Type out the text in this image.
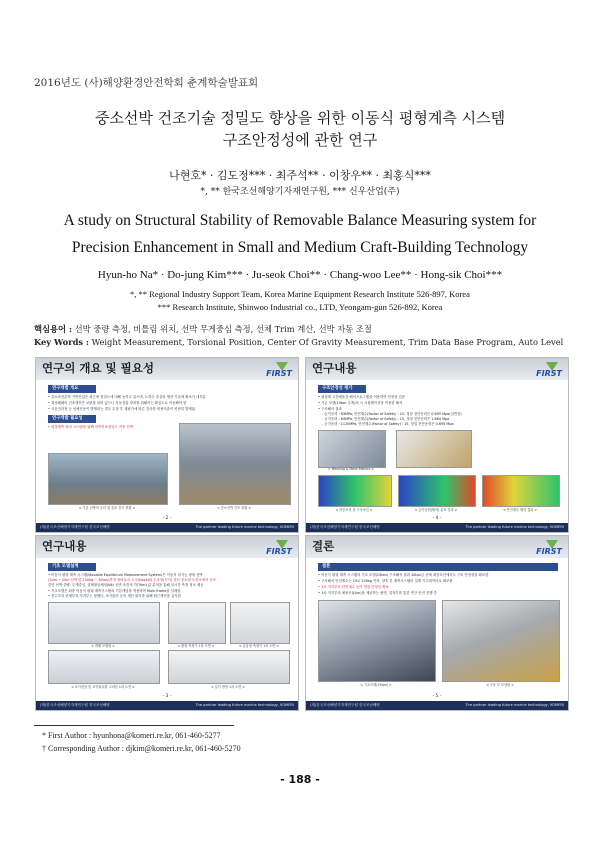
2016년도 (사)해양환경안전학회 춘계학술발표회
중소선박 건조기술 정밀도 향상을 위한 이동식 평형계측 시스템
구조안정성에 관한 연구
나현호* · 김도정*** · 최주석** · 이창우** · 최홍식***
*, ** 한국조선해양기자재연구원, *** 신우산업(주)
A study on Structural Stability of Removable Balance Measuring system for
Precision Enhancement in Small and Medium Craft-Building Technology
Hyun-ho Na* · Do-jung Kim*** · Ju-seok Choi** · Chang-woo Lee** · Hong-sik Choi***
*, ** Regional Industry Support Team, Korea Marine Equipment Research Institute 526-897, Korea
*** Research Institute, Shinwoo Industrial co., LTD, Yeongam-gun 526-892, Korea
핵심용어 : 선박 중량 측정, 비틀림 위치, 선박 무게중심 측정, 선체 Trim 계산, 선박 자동 조절
Key Words : Weight Measurement, Torsional Position, Center Of Gravity Measurement, Trim Data Base Program, Auto Level
연구의 개요 및 필요성	FIRST
연구개발 개요
• 중소조선분야 기반산업은 최근에 정밀도에 대해 높이고 있으며, 노하우 중심의 생산 기술에 확보가 대부분
• 복상폐쇄의 건조생산은 보편화 되어 있으나 자동검출 장치를 위해서는 확실도로 이동해야 함
• 시운전과정 등 선체진동이 발생되는 경우 수정 후 재평가에 따른 검사한 비용지출이 빈번히 발생됨
연구개발 필요성
• 평형계측 장비 시스템을 위해 선박건조정밀도 적용 선박
< 기존 선박의 수리 및 신조 건조 현황 >	< 중소선박 건조 현황 >
- 2 -
(재)한국조선해양기자재연구원 한국조선해양	The partner leading future marine technology, KOMERI
연구내용	FIRST
구조안정성 평가
• 평형계 시간배율을 해석프로그램을 이용하여 안전성 검증
• 기존 모델(15ton 무게)의 시 시뮬레이션을 이용한 해석
• 구조해석 결과
- 등가응력 : 63MPa, 안전계수(Factor of Safety) : 15, 정밀 전단응력은 0.695 Mpa(일반강)
- 등가응력 : 64MPa, 안전계수(Factor of Safety) : 15, 정밀 전단응력은 1.664 Mpa
- 등가응력 : 1120MPa, 안전계수(Factor of Safety) : 15, 정밀 전단응력은 0.695 Mpa
< Meshing & Mesh Metrics >
< 하중조건 및 구속조건 >	< 등가응력(해석) 분포 결과 >	< 안전계수 해석 결과 >
- 4 -
(재)한국조선해양기자재연구원 한국조선해양	The partner leading future marine technology, KOMERI
연구내용	FIRST
기초 모델설계
• 이동식 평형 계측 시스템(Movable Equilibrium Measurement System)은 이동식 다기능 평형 선박
(10m ~ 20m 선박 및 100kg ~ 30ton)측정 장비로서 도크(Dock)와 수조형(선거) 결선 중소형 도선소에서 건조
중인 선박 중량, 무게중심, 실제형상체성(tilt) 공면 조건의 각(Trim) 값 분석을 통해 실시간 측정 정보 제공
• 기초모델은 최종 이동식 평형 계측기스템의 기본개념을 적용하여 Main frame을 설계함
• 전수부의 선체부의 지지부는 당했다, 조기판의 등의 계산 편리를 위해 원근계선을 유지함
< 개폐 모델링 >	< 평형 측정기 1차 도면 >	< 유압형 측정기 1차 도면 >
< 조이펀용 및 조작위치를 고려한 1차 도면 >	< 길이 방향 1차 도면 >
- 3 -
(재)한국조선해양기자재연구원 한국조선해양	The partner leading future marine technology, KOMERI
결론	FIRST
결론
• 이동식 평형 계측 시스템의 기초 모델(15ton) 구조해석 결과 10ton급 선체 최종조건에서도 구조 안정성을 확보함
• 구조해석 안전계수는 15로 130kg 이하, 향후 본 계측시스템의 설계 기초데이터로 확보함
• 1차 지지부의 단면계수 높이 연결 안정성 확보
• 1차 지지부의 체용모듈(kn)을 제공하는 평면, 밀착부를 통한 연구 안전 진행 중
< 기초모델(15ton) >	< 구동 부 모델링 >
- 5 -
(재)한국조선해양기자재연구원 한국조선해양	The partner leading future marine technology, KOMERI
* First Author : hyunhona@komeri.re.kr, 061-460-5277
† Corresponding Author : djkim@komeri.re.kr, 061-460-5270
- 188 -
